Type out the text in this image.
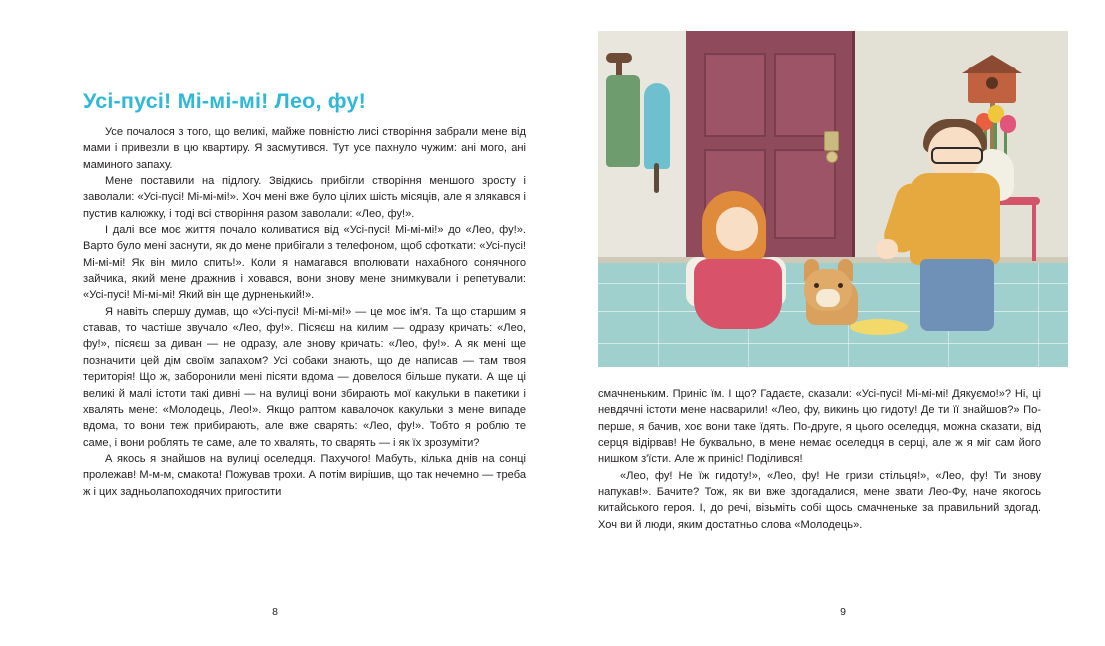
Усі-пусі! Мі-мі-мі! Лео, фу!

Усе почалося з того, що великі, майже повністю лисі створіння забрали мене від мами і привезли в цю квартиру. Я засмутився. Тут усе пахнуло чужим: ані мого, ані маминого запаху.

Мене поставили на підлогу. Звідкись прибігли створіння меншого зросту і заволали: «Усі-пусі! Мі-мі-мі!». Хоч мені вже було цілих шість місяців, але я злякався і пустив калюжку, і тоді всі створіння разом заволали: «Лео, фу!».

І далі все моє життя почало коливатися від «Усі-пусі! Мі-мі-мі!» до «Лео, фу!». Варто було мені заснути, як до мене прибігали з телефоном, щоб сфоткати: «Усі-пусі! Мі-мі-мі! Як він мило спить!». Коли я намагався вполювати нахабного сонячного зайчика, який мене дражнив і ховався, вони знову мене знимкували і репетували: «Усі-пусі! Мі-мі-мі! Який він ще дурненький!».

Я навіть спершу думав, що «Усі-пусі! Мі-мі-мі!» — це моє ім'я. Та що старшим я ставав, то частіше звучало «Лео, фу!». Пісяєш на килим — одразу кричать: «Лео, фу!», пісяєш за диван — не одразу, але знову кричать: «Лео, фу!». А як мені ще позначити цей дім своїм запахом? Усі собаки знають, що де написав — там твоя територія! Що ж, заборонили мені пісяти вдома — довелося більше пукати. А ще ці великі й малі істоти такі дивні — на вулиці вони збирають мої какульки в пакетики і хвалять мене: «Молодець, Лео!». Якщо раптом кавалочок какульки з мене випаде вдома, то вони теж прибирають, але вже сварять: «Лео, фу!». Тобто я роблю те саме, і вони роблять те саме, але то хвалять, то сварять — і як їх зрозуміти?

А якось я знайшов на вулиці оселедця. Пахучого! Мабуть, кілька днів на сонці пролежав! М-м-м, смакота! Пожував трохи. А потім вирішив, що так нечемно — треба ж і цих задньолапоходячих пригостити

8

смачненьким. Приніс їм. І що? Гадаєте, сказали: «Усі-пусі! Мі-мі-мі! Дякуємо!»? Ні, ці невдячні істоти мене насварили! «Лео, фу, викинь цю гидоту! Де ти її знайшов?» По-перше, я бачив, хоє вони таке їдять. По-друге, я цього оселедця, можна сказати, від серця відірвав! Не буквально, в мене немає оселедця в серці, але ж я міг сам його нишком з'їсти. Але ж приніс! Поділився!

«Лео, фу! Не їж гидоту!», «Лео, фу! Не гризи стільця!», «Лео, фу! Ти знову напукав!». Бачите? Тож, як ви вже здогадалися, мене звати Лео-Фу, наче якогось китайського героя. І, до речі, візьміть собі щось смачненьке за правильний здогад. Хоч ви й люди, яким достатньо слова «Молодець».

9
